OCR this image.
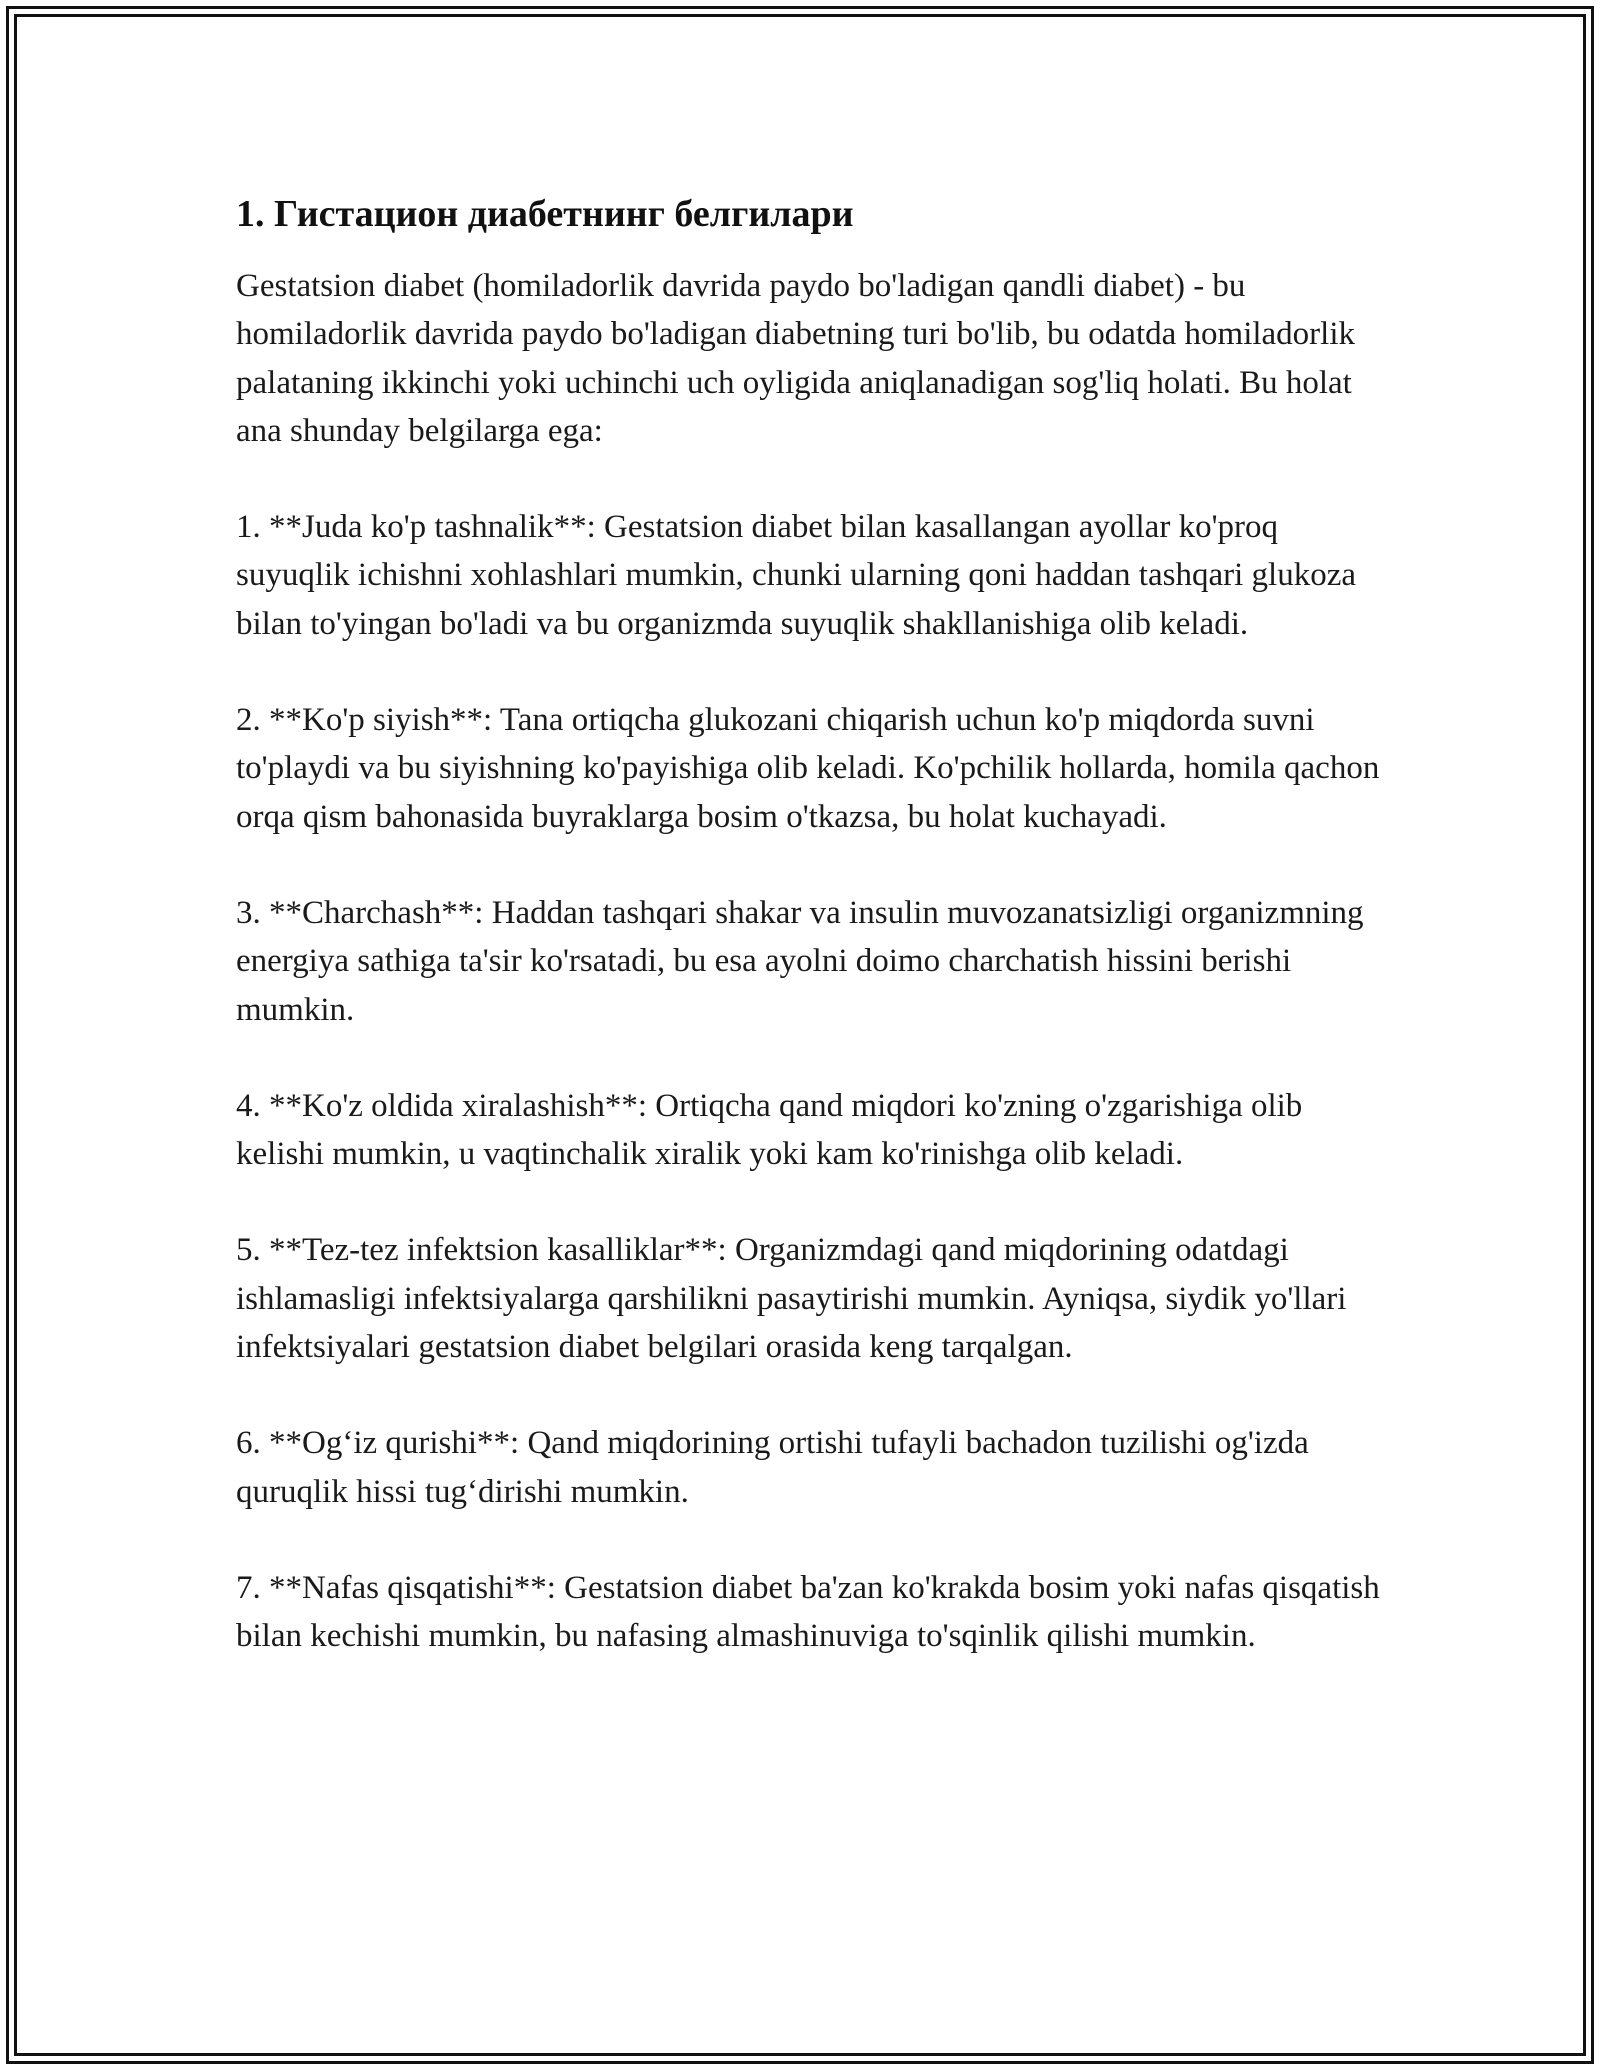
1. Гистацион диабетнинг белгилари

Gestatsion diabet (homiladorlik davrida paydo bo'ladigan qandli diabet) - bu homiladorlik davrida paydo bo'ladigan diabetning turi bo'lib, bu odatda homiladorlik palataning ikkinchi yoki uchinchi uch oyligida aniqlanadigan sog'liq holati. Bu holat ana shunday belgilarga ega:

1. **Juda ko'p tashnalik**: Gestatsion diabet bilan kasallangan ayollar ko'proq suyuqlik ichishni xohlashlari mumkin, chunki ularning qoni haddan tashqari glukoza bilan to'yingan bo'ladi va bu organizmda suyuqlik shakllanishiga olib keladi.

2. **Ko'p siyish**: Tana ortiqcha glukozani chiqarish uchun ko'p miqdorda suvni to'playdi va bu siyishning ko'payishiga olib keladi. Ko'pchilik hollarda, homila qachon orqa qism bahonasida buyraklarga bosim o'tkazsa, bu holat kuchayadi.

3. **Charchash**: Haddan tashqari shakar va insulin muvozanatsizligi organizmning energiya sathiga ta'sir ko'rsatadi, bu esa ayolni doimo charchatish hissini berishi mumkin.

4. **Ko'z oldida xiralashish**: Ortiqcha qand miqdori ko'zning o'zgarishiga olib kelishi mumkin, u vaqtinchalik xiralik yoki kam ko'rinishga olib keladi.

5. **Tez-tez infektsion kasalliklar**: Organizmdagi qand miqdorining odatdagi ishlamasligi infektsiyalarga qarshilikni pasaytirishi mumkin. Ayniqsa, siydik yo'llari infektsiyalari gestatsion diabet belgilari orasida keng tarqalgan.

6. **Og‘iz qurishi**: Qand miqdorining ortishi tufayli bachadon tuzilishi og'izda quruqlik hissi tug‘dirishi mumkin.

7. **Nafas qisqatishi**: Gestatsion diabet ba'zan ko'krakda bosim yoki nafas qisqatish bilan kechishi mumkin, bu nafasing almashinuviga to'sqinlik qilishi mumkin.
